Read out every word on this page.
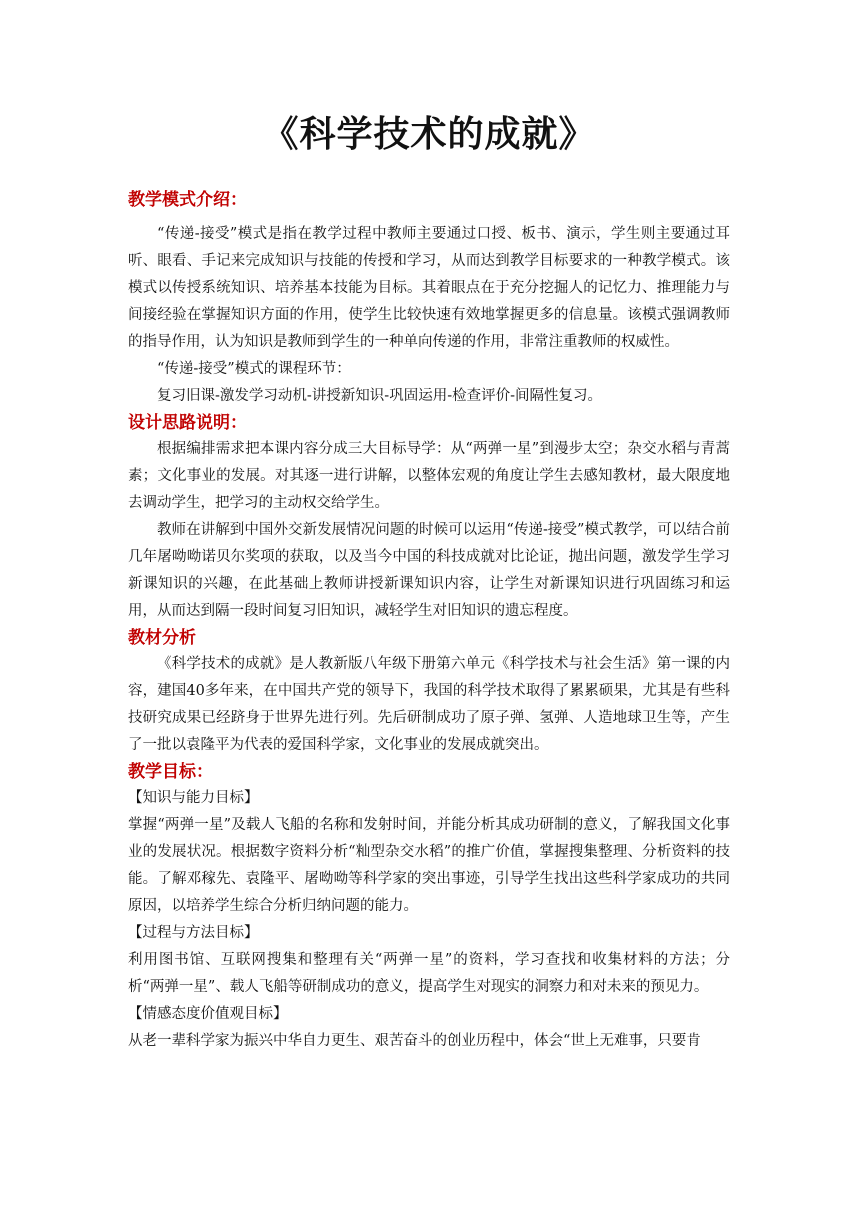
《科学技术的成就》
教学模式介绍：

“传递-接受”模式是指在教学过程中教师主要通过口授、板书、演示，学生则主要通过耳听、眼看、手记来完成知识与技能的传授和学习，从而达到教学目标要求的一种教学模式。该模式以传授系统知识、培养基本技能为目标。其着眼点在于充分挖掘人的记忆力、推理能力与间接经验在掌握知识方面的作用，使学生比较快速有效地掌握更多的信息量。该模式强调教师的指导作用，认为知识是教师到学生的一种单向传递的作用，非常注重教师的权威性。

“传递-接受”模式的课程环节：

复习旧课-激发学习动机-讲授新知识-巩固运用-检查评价-间隔性复习。

设计思路说明：

根据编排需求把本课内容分成三大目标导学：从“两弹一星”到漫步太空；杂交水稻与青蒿素；文化事业的发展。对其逐一进行讲解，以整体宏观的角度让学生去感知教材，最大限度地去调动学生，把学习的主动权交给学生。

教师在讲解到中国外交新发展情况问题的时候可以运用“传递-接受”模式教学，可以结合前几年屠呦呦诺贝尔奖项的获取，以及当今中国的科技成就对比论证，抛出问题，激发学生学习新课知识的兴趣，在此基础上教师讲授新课知识内容，让学生对新课知识进行巩固练习和运用，从而达到隔一段时间复习旧知识，减轻学生对旧知识的遗忘程度。

教材分析

《科学技术的成就》是人教新版八年级下册第六单元《科学技术与社会生活》第一课的内容，建国40多年来，在中国共产党的领导下，我国的科学技术取得了累累硕果，尤其是有些科技研究成果已经跻身于世界先进行列。先后研制成功了原子弹、氢弹、人造地球卫生等，产生了一批以袁隆平为代表的爱国科学家，文化事业的发展成就突出。

教学目标：

【知识与能力目标】

掌握“两弹一星”及载人飞船的名称和发射时间，并能分析其成功研制的意义，了解我国文化事业的发展状况。根据数字资料分析“籼型杂交水稻”的推广价值，掌握搜集整理、分析资料的技能。了解邓稼先、袁隆平、屠呦呦等科学家的突出事迹，引导学生找出这些科学家成功的共同原因，以培养学生综合分析归纳问题的能力。

【过程与方法目标】

利用图书馆、互联网搜集和整理有关“两弹一星”的资料，学习查找和收集材料的方法；分析“两弹一星”、载人飞船等研制成功的意义，提高学生对现实的洞察力和对未来的预见力。

【情感态度价值观目标】

从老一辈科学家为振兴中华自力更生、艰苦奋斗的创业历程中，体会“世上无难事，只要肯
